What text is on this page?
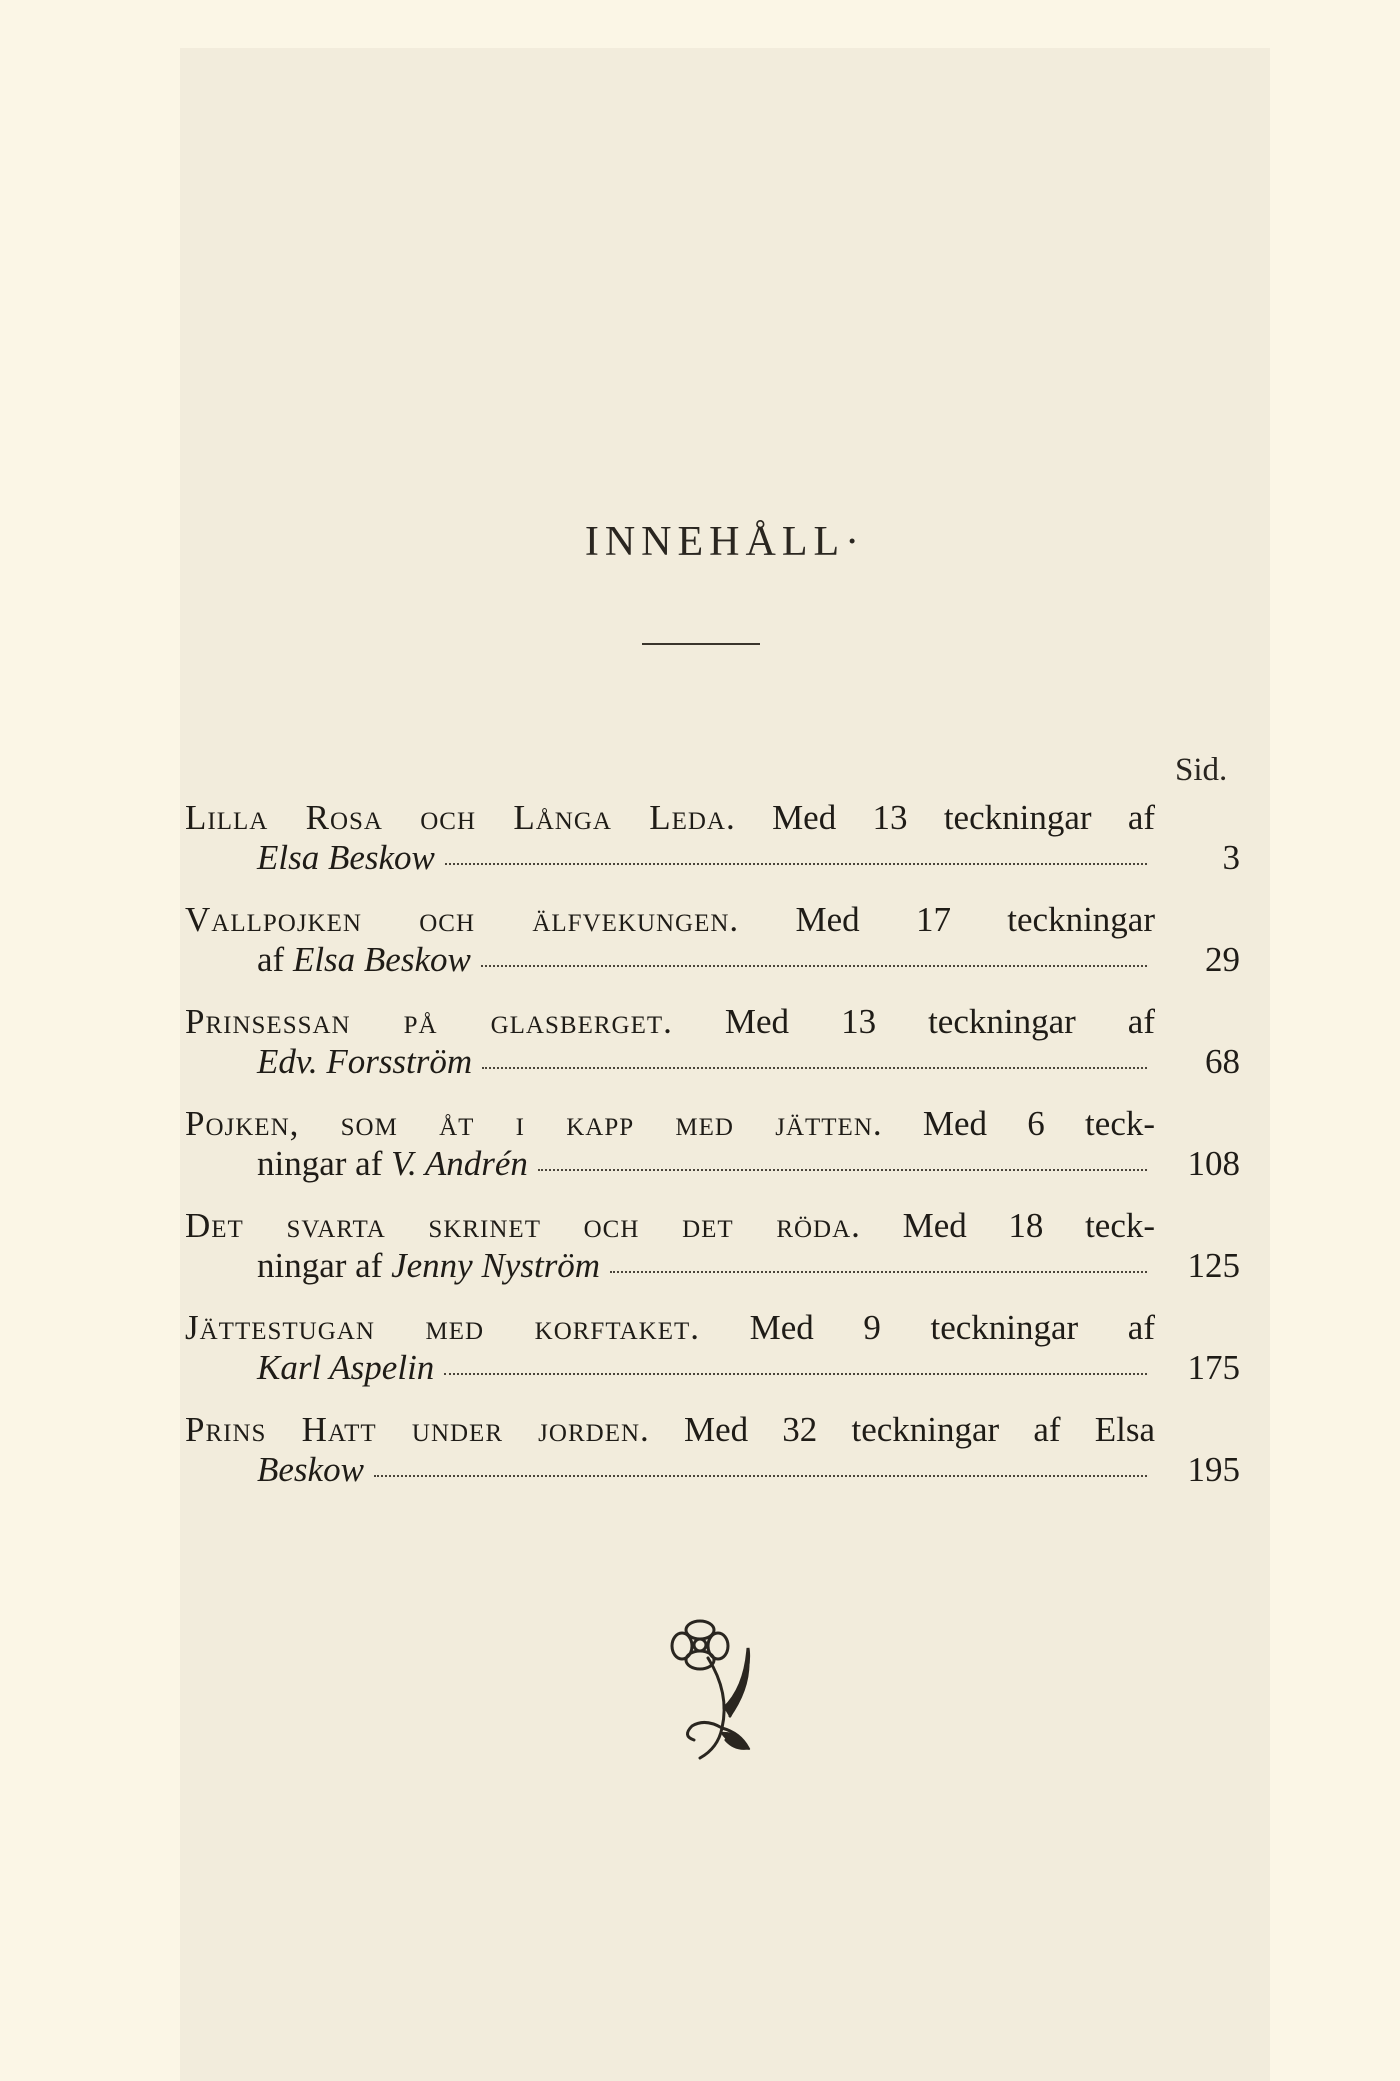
INNEHÅLL·
Sid.
Lilla Rosa och Långa Leda. Med 13 teckningar af
Elsa Beskow	3
Vallpojken och älfvekungen. Med 17 teckningar
af Elsa Beskow	29
Prinsessan på glasberget. Med 13 teckningar af
Edv. Forsström	68
Pojken, som åt i kapp med jätten. Med 6 teck-
ningar af V. Andrén	108
Det svarta skrinet och det röda. Med 18 teck-
ningar af Jenny Nyström	125
Jättestugan med korftaket. Med 9 teckningar af
Karl Aspelin	175
Prins Hatt under jorden. Med 32 teckningar af Elsa
Beskow	195
